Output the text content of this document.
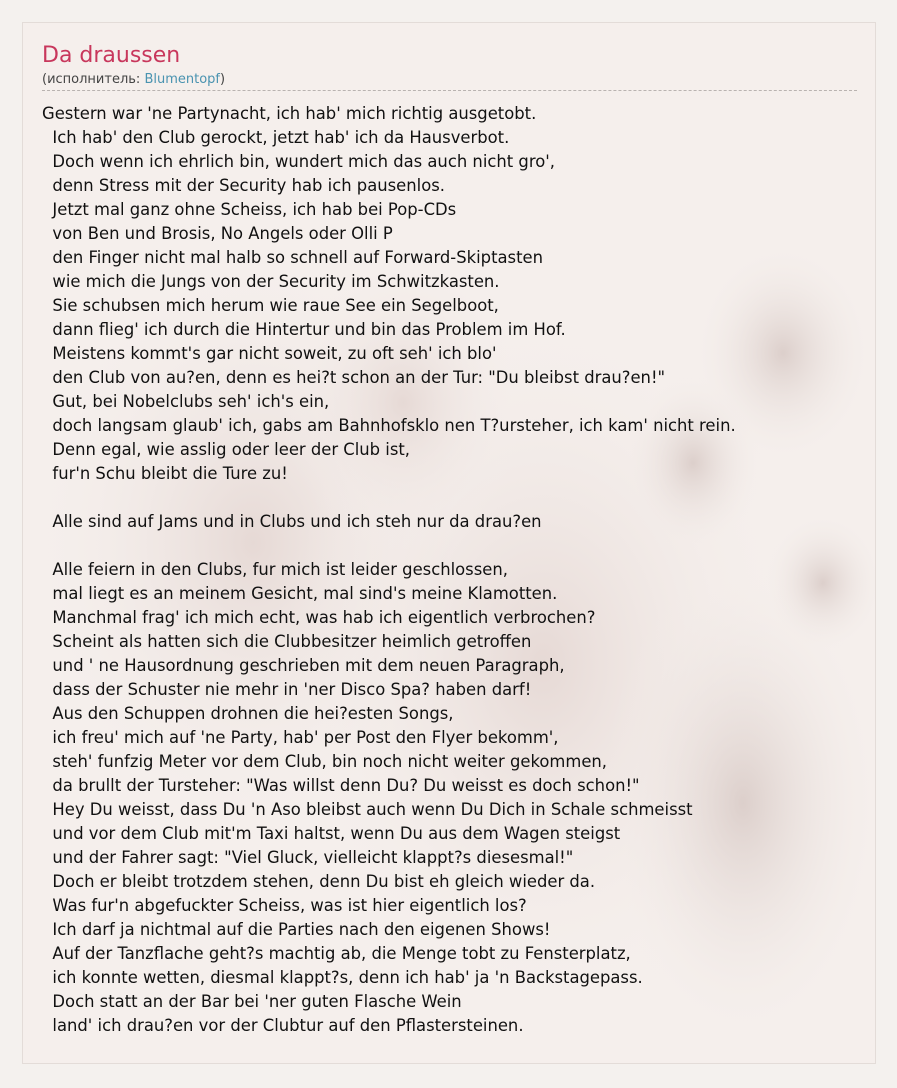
Da draussen
(исполнитель: Blumentopf)
Gestern war 'ne Partynacht, ich hab' mich richtig ausgetobt.
Ich hab' den Club gerockt, jetzt hab' ich da Hausverbot.
Doch wenn ich ehrlich bin, wundert mich das auch nicht gro',
denn Stress mit der Security hab ich pausenlos.
Jetzt mal ganz ohne Scheiss, ich hab bei Pop-CDs
von Ben und Brosis, No Angels oder Olli P
den Finger nicht mal halb so schnell auf Forward-Skiptasten
wie mich die Jungs von der Security im Schwitzkasten.
Sie schubsen mich herum wie raue See ein Segelboot,
dann flieg' ich durch die Hintertur und bin das Problem im Hof.
Meistens kommt's gar nicht soweit, zu oft seh' ich blo'
den Club von au?en, denn es hei?t schon an der Tur: "Du bleibst drau?en!"
Gut, bei Nobelclubs seh' ich's ein,
doch langsam glaub' ich, gabs am Bahnhofsklo nen T?ursteher, ich kam' nicht rein.
Denn egal, wie asslig oder leer der Club ist,
fur'n Schu bleibt die Ture zu!
Alle sind auf Jams und in Clubs und ich steh nur da drau?en
Alle feiern in den Clubs, fur mich ist leider geschlossen,
mal liegt es an meinem Gesicht, mal sind's meine Klamotten.
Manchmal frag' ich mich echt, was hab ich eigentlich verbrochen?
Scheint als hatten sich die Clubbesitzer heimlich getroffen
und ' ne Hausordnung geschrieben mit dem neuen Paragraph,
dass der Schuster nie mehr in 'ner Disco Spa? haben darf!
Aus den Schuppen drohnen die hei?esten Songs,
ich freu' mich auf 'ne Party, hab' per Post den Flyer bekomm',
steh' funfzig Meter vor dem Club, bin noch nicht weiter gekommen,
da brullt der Tursteher: "Was willst denn Du? Du weisst es doch schon!"
Hey Du weisst, dass Du 'n Aso bleibst auch wenn Du Dich in Schale schmeisst
und vor dem Club mit'm Taxi haltst, wenn Du aus dem Wagen steigst
und der Fahrer sagt: "Viel Gluck, vielleicht klappt?s diesesmal!"
Doch er bleibt trotzdem stehen, denn Du bist eh gleich wieder da.
Was fur'n abgefuckter Scheiss, was ist hier eigentlich los?
Ich darf ja nichtmal auf die Parties nach den eigenen Shows!
Auf der Tanzflache geht?s machtig ab, die Menge tobt zu Fensterplatz,
ich konnte wetten, diesmal klappt?s, denn ich hab' ja 'n Backstagepass.
Doch statt an der Bar bei 'ner guten Flasche Wein
land' ich drau?en vor der Clubtur auf den Pflastersteinen.
